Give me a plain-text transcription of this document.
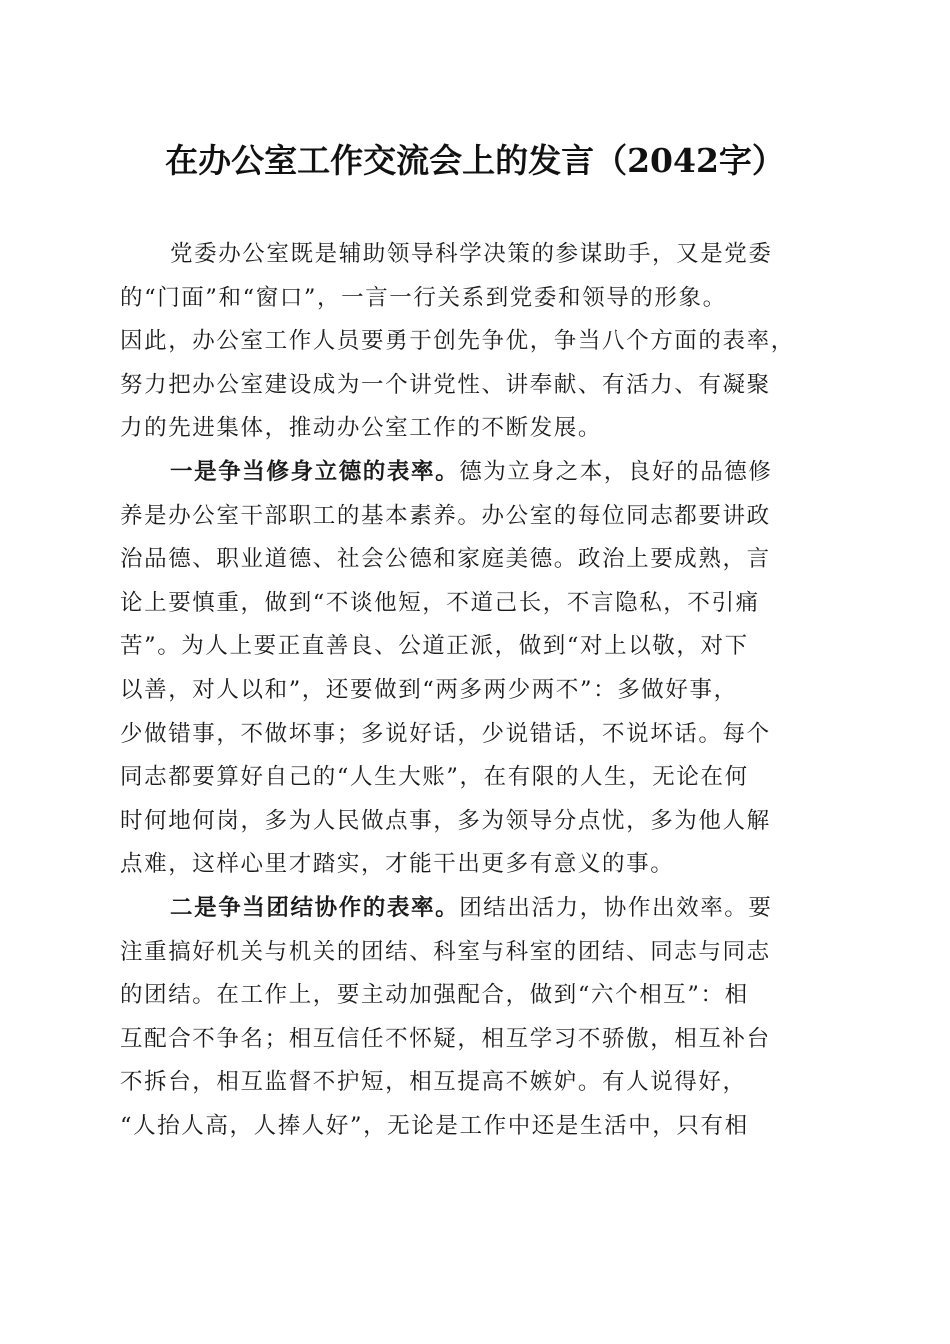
在办公室工作交流会上的发言（2042字）
党委办公室既是辅助领导科学决策的参谋助手，又是党委
的“门面”和“窗口”，一言一行关系到党委和领导的形象。
因此，办公室工作人员要勇于创先争优，争当八个方面的表率，
努力把办公室建设成为一个讲党性、讲奉献、有活力、有凝聚
力的先进集体，推动办公室工作的不断发展。
一是争当修身立德的表率。德为立身之本，良好的品德修
养是办公室干部职工的基本素养。办公室的每位同志都要讲政
治品德、职业道德、社会公德和家庭美德。政治上要成熟，言
论上要慎重，做到“不谈他短，不道己长，不言隐私，不引痛
苦”。为人上要正直善良、公道正派，做到“对上以敬，对下
以善，对人以和”，还要做到“两多两少两不”：多做好事，
少做错事，不做坏事；多说好话，少说错话，不说坏话。每个
同志都要算好自己的“人生大账”，在有限的人生，无论在何
时何地何岗，多为人民做点事，多为领导分点忧，多为他人解
点难，这样心里才踏实，才能干出更多有意义的事。
二是争当团结协作的表率。团结出活力，协作出效率。要
注重搞好机关与机关的团结、科室与科室的团结、同志与同志
的团结。在工作上，要主动加强配合，做到“六个相互”：相
互配合不争名；相互信任不怀疑，相互学习不骄傲，相互补台
不拆台，相互监督不护短，相互提高不嫉妒。有人说得好，
“人抬人高，人捧人好”，无论是工作中还是生活中，只有相
